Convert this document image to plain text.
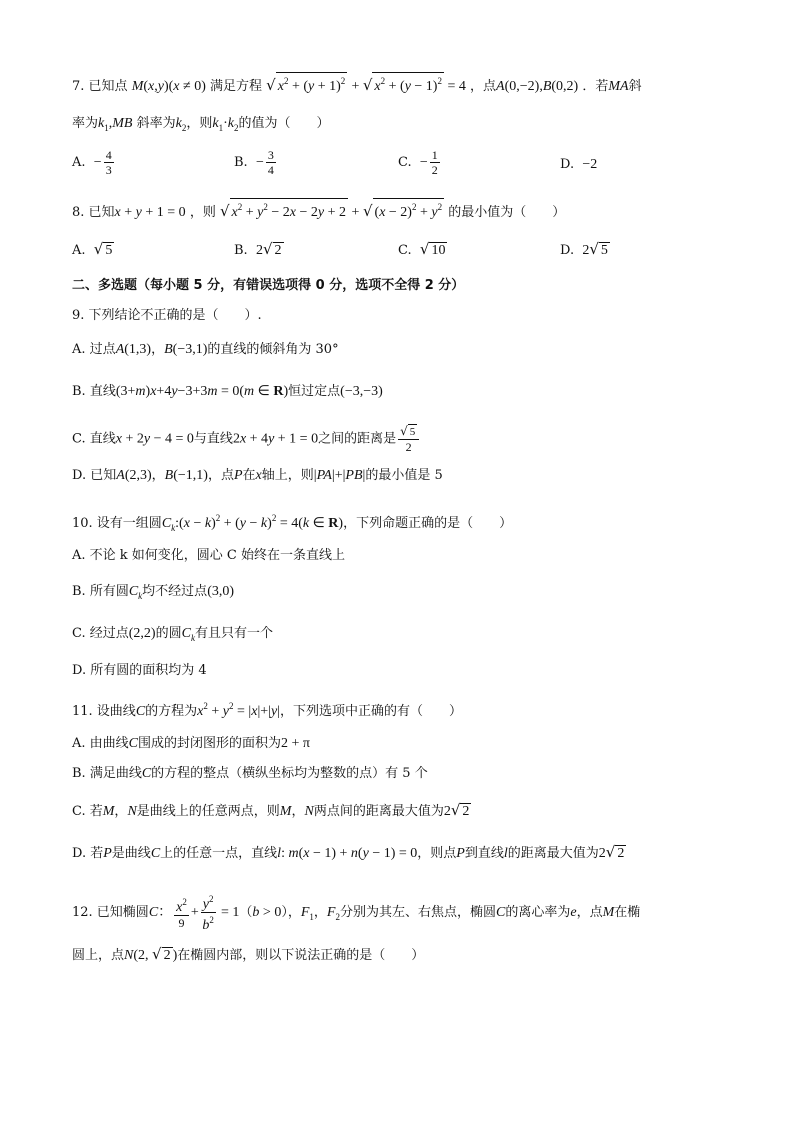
7. 已知点 M(x,y)(x ≠ 0) 满足方程 √ $x^2 + (y + 1)^2$ + √ $x^2 + (y - 1)^2 = 4$ ，点A(0,−2),B(0,2) ．若MA斜
率为$k_1,MB$ 斜率为$k_2$，则$k_1\cdot k_2$的值为（　　）
A.  − $\frac{4}{3}$	B.  − $\frac{3}{4}$	C.  − $\frac{1}{2}$	D.  −2
8. 已知x + y + 1 = 0 ，则 √ $x^2 + y^2 - 2x - 2y + 2$ + √ $(x - 2)^2 + y^2$ 的最小值为（　　）
A.  √ 5	B.  2√ 2	C.  √ 10	D.  2√ 5
二、多选题（每小题 5 分，有错误选项得 0 分，选项不全得 2 分）
9. 下列结论不正确的是（　　）.
A. 过点A(1,3)，B(−3,1)的直线的倾斜角为 30°
B. 直线(3+m)x+4y−3+3m = 0(m ∈ R)恒过定点(−3,−3)
C. 直线x + 2y − 4 = 0与直线2x + 4y + 1 = 0之间的距离是 $\frac{√ 5}{2}$
D. 已知A(2,3)，B(−1,1)，点P在x轴上，则|PA|+|PB|的最小值是 5
10. 设有一组圆$C_k:(x - k)^2 + (y - k)^2 = 4(k$ ∈ R)，下列命题正确的是（　　）
A. 不论 k 如何变化，圆心 C 始终在一条直线上
B. 所有圆$C_k$均不经过点(3,0)
C. 经过点(2,2)的圆$C_k$有且只有一个
D. 所有圆的面积均为 4
11. 设曲线C的方程为$x^2 + y^2 = |x|+|y|$，下列选项中正确的有（　　）
A. 由曲线C围成的封闭图形的面积为2 + π
B. 满足曲线C的方程的整点（横纵坐标均为整数的点）有 5 个
C. 若M，N是曲线上的任意两点，则M，N两点间的距离最大值为2√ 2
D. 若P是曲线C上的任意一点，直线l: m(x − 1) + n(y − 1) = 0，则点P到直线l的距离最大值为2√ 2
12. 已知椭圆C： $\frac{x^2}{9} + \frac{y^2}{b^2} = 1(b > 0)$，$F_1$，$F_2$分别为其左、右焦点，椭圆C的离心率为e，点M在椭
圆上，点N(2, √ 2 )在椭圆内部，则以下说法正确的是（　　）
